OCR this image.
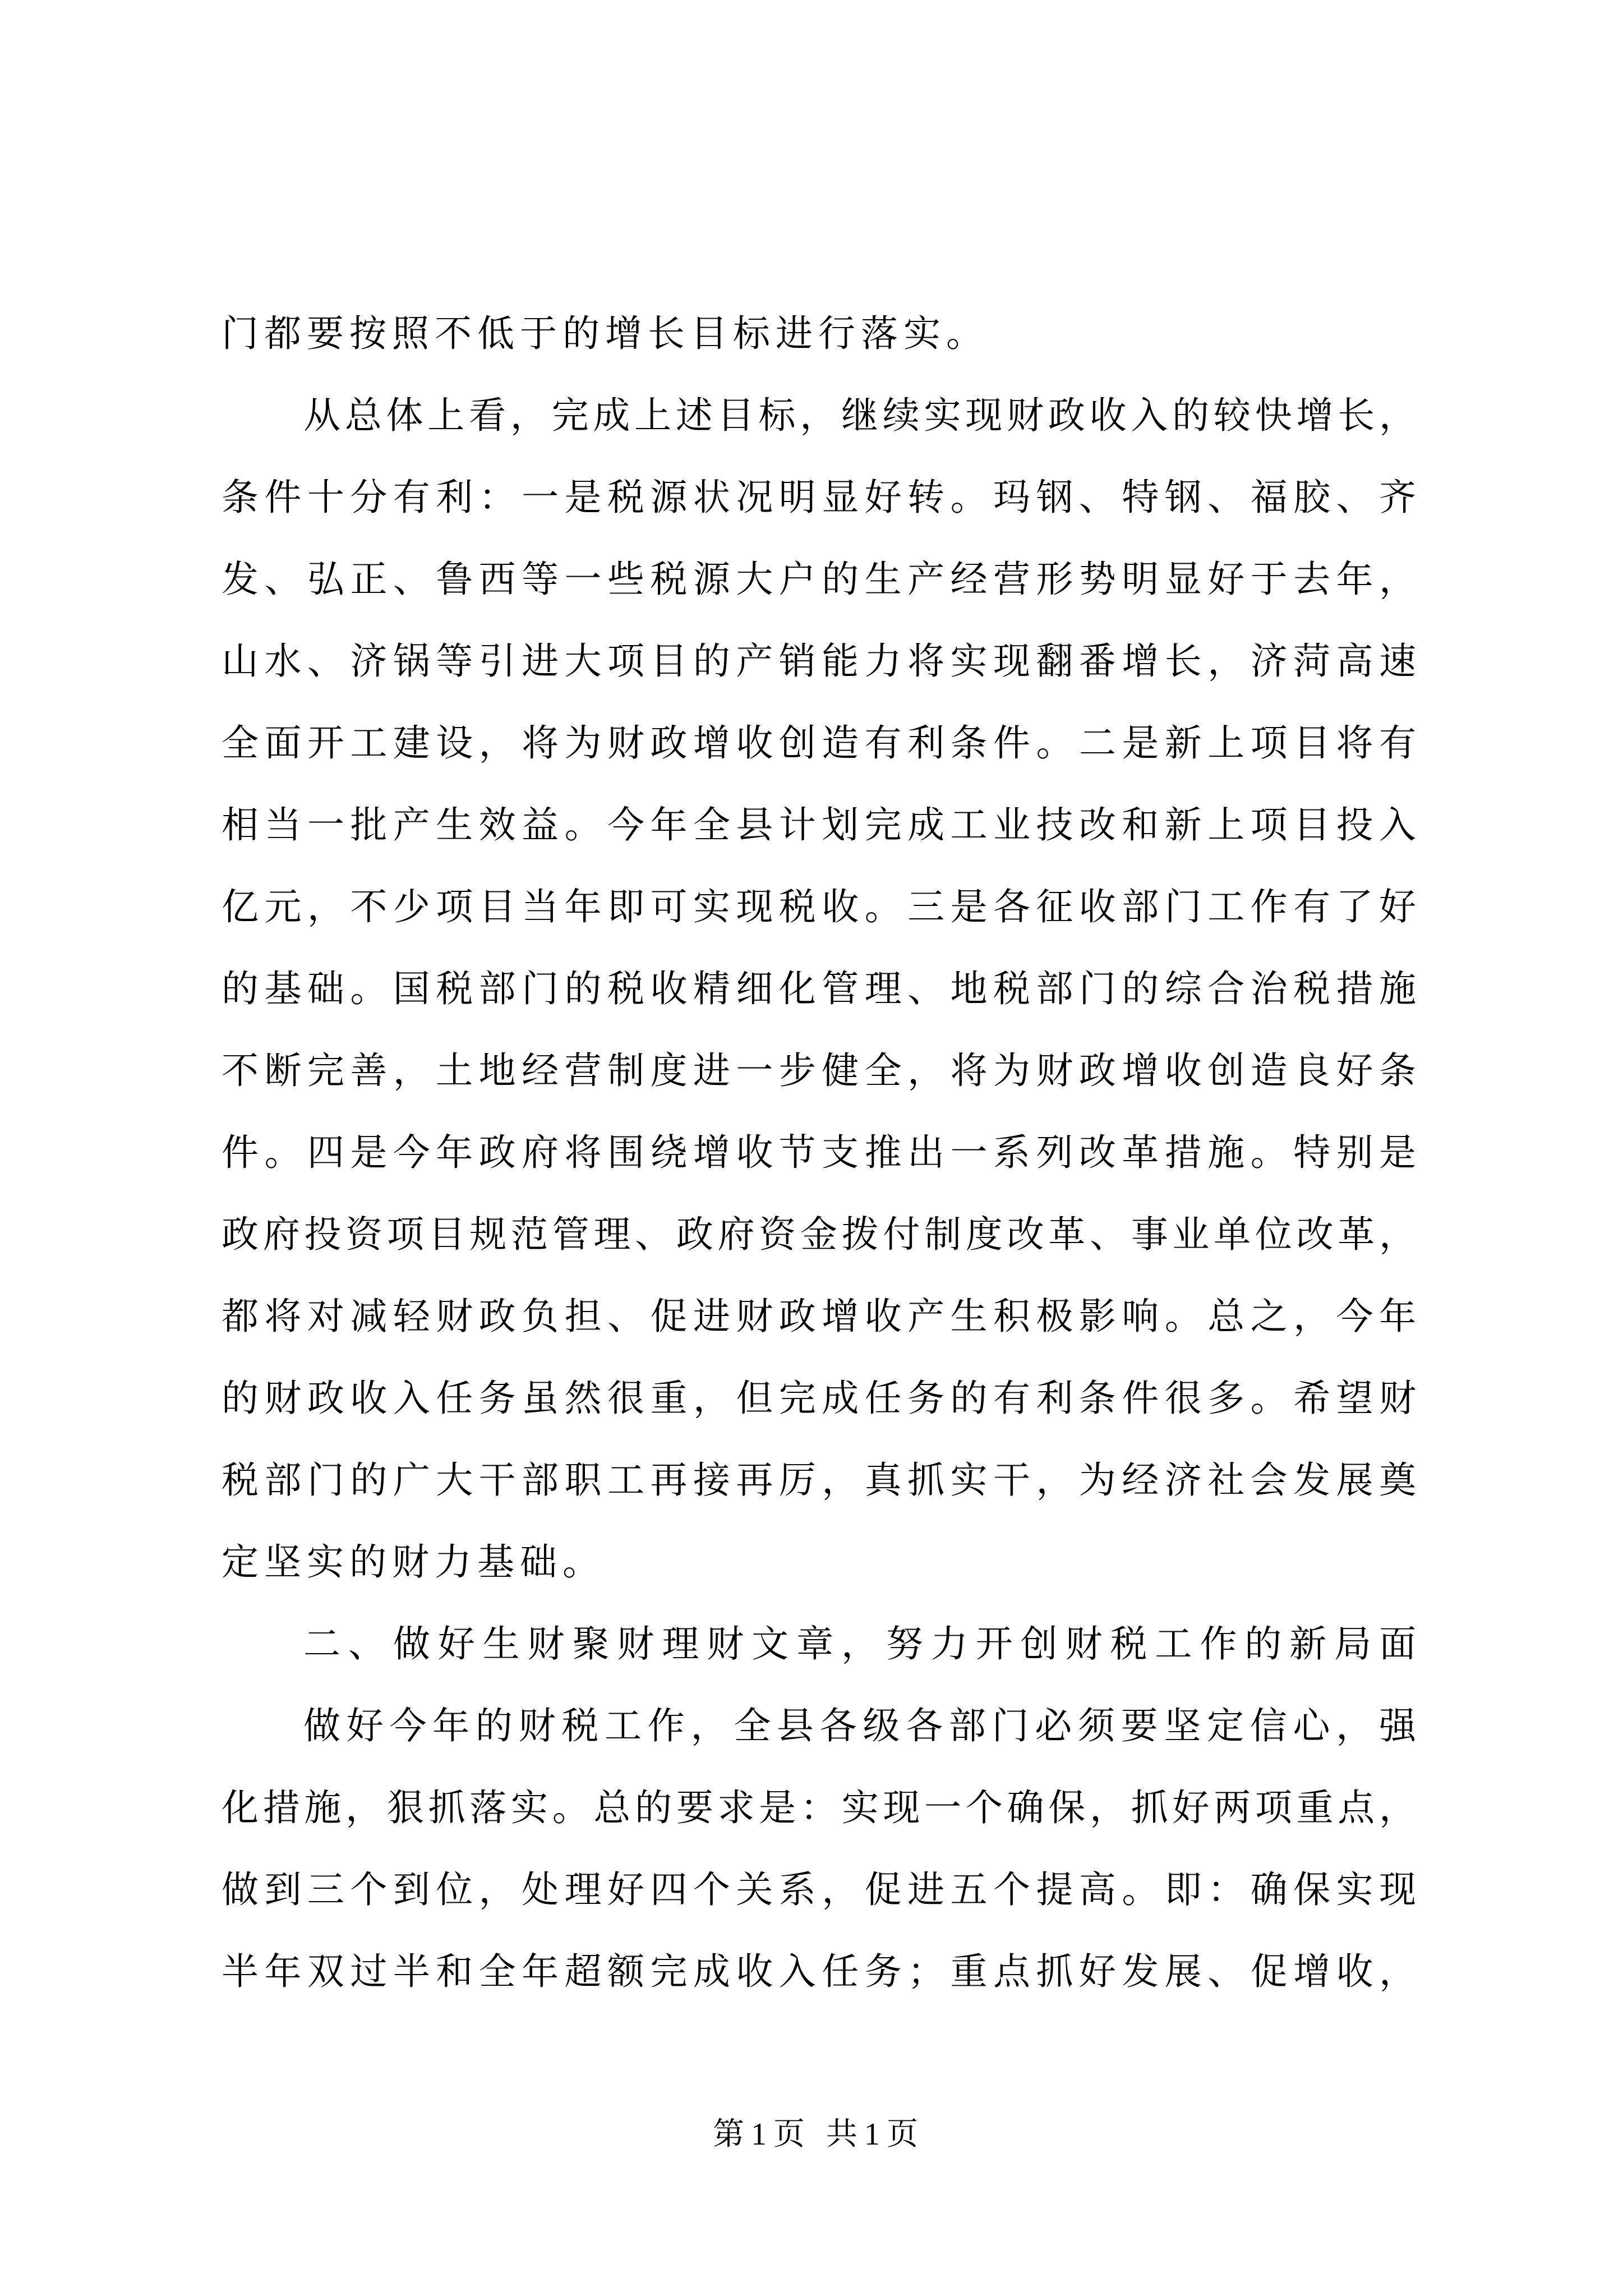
门都要按照不低于的增长目标进行落实。
从总体上看，完成上述目标，继续实现财政收入的较快增长，
条件十分有利：一是税源状况明显好转。玛钢、特钢、福胶、齐
发、弘正、鲁西等一些税源大户的生产经营形势明显好于去年，
山水、济锅等引进大项目的产销能力将实现翻番增长，济菏高速
全面开工建设，将为财政增收创造有利条件。二是新上项目将有
相当一批产生效益。今年全县计划完成工业技改和新上项目投入
亿元，不少项目当年即可实现税收。三是各征收部门工作有了好
的基础。国税部门的税收精细化管理、地税部门的综合治税措施
不断完善，土地经营制度进一步健全，将为财政增收创造良好条
件。四是今年政府将围绕增收节支推出一系列改革措施。特别是
政府投资项目规范管理、政府资金拨付制度改革、事业单位改革，
都将对减轻财政负担、促进财政增收产生积极影响。总之，今年
的财政收入任务虽然很重，但完成任务的有利条件很多。希望财
税部门的广大干部职工再接再厉，真抓实干，为经济社会发展奠
定坚实的财力基础。
二、做好生财聚财理财文章，努力开创财税工作的新局面
做好今年的财税工作，全县各级各部门必须要坚定信心，强
化措施，狠抓落实。总的要求是：实现一个确保，抓好两项重点，
做到三个到位，处理好四个关系，促进五个提高。即：确保实现
半年双过半和全年超额完成收入任务；重点抓好发展、促增收，
第1页 共1页
